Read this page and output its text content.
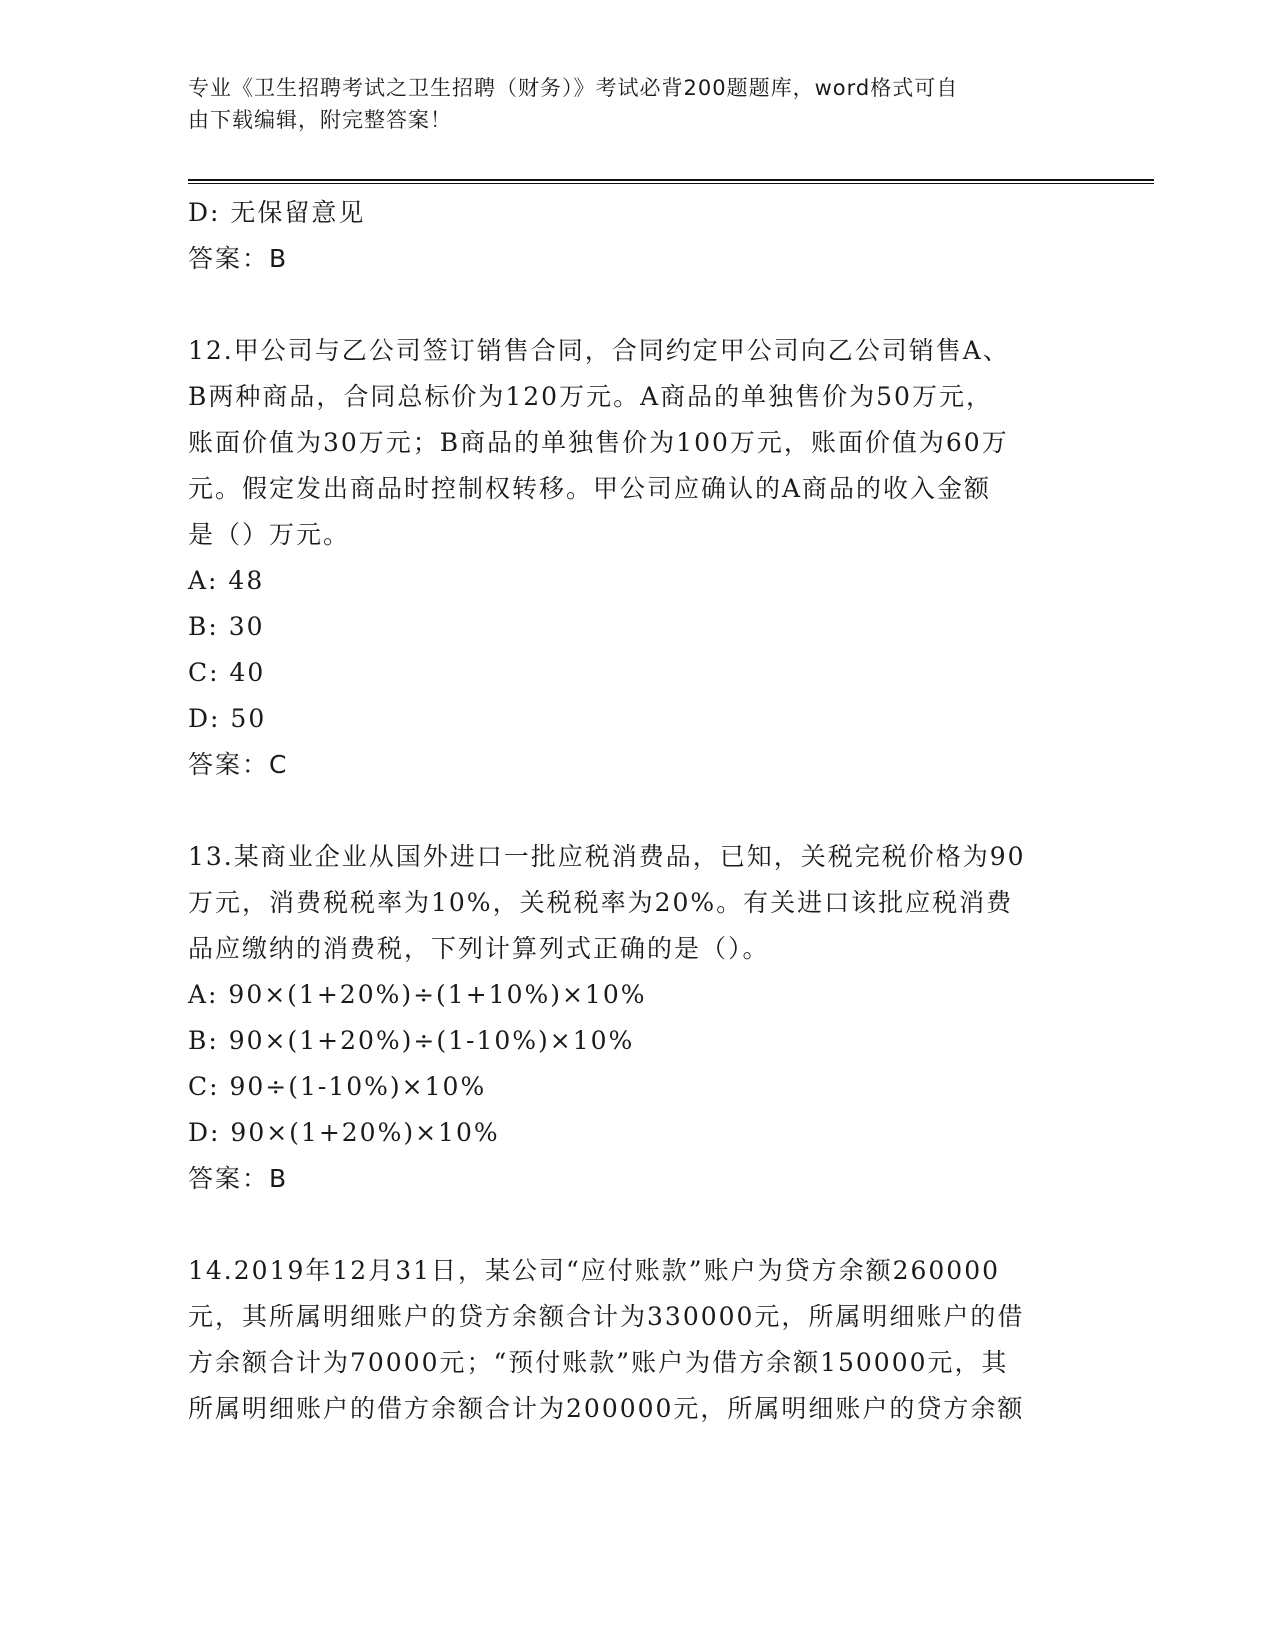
专业《卫生招聘考试之卫生招聘（财务）》考试必背200题题库，word格式可自
由下载编辑，附完整答案！
D: 无保留意见
答案：B
12.甲公司与乙公司签订销售合同，合同约定甲公司向乙公司销售A、
B两种商品，合同总标价为120万元。A商品的单独售价为50万元，
账面价值为30万元；B商品的单独售价为100万元，账面价值为60万
元。假定发出商品时控制权转移。甲公司应确认的A商品的收入金额
是（）万元。
A: 48
B: 30
C: 40
D: 50
答案：C
13.某商业企业从国外进口一批应税消费品，已知，关税完税价格为90
万元，消费税税率为10%，关税税率为20%。有关进口该批应税消费
品应缴纳的消费税，下列计算列式正确的是（）。
A: 90×(1+20%)÷(1+10%)×10%
B: 90×(1+20%)÷(1-10%)×10%
C: 90÷(1-10%)×10%
D: 90×(1+20%)×10%
答案：B
14.2019年12月31日，某公司“应付账款”账户为贷方余额260000
元，其所属明细账户的贷方余额合计为330000元，所属明细账户的借
方余额合计为70000元；“预付账款”账户为借方余额150000元，其
所属明细账户的借方余额合计为200000元，所属明细账户的贷方余额
